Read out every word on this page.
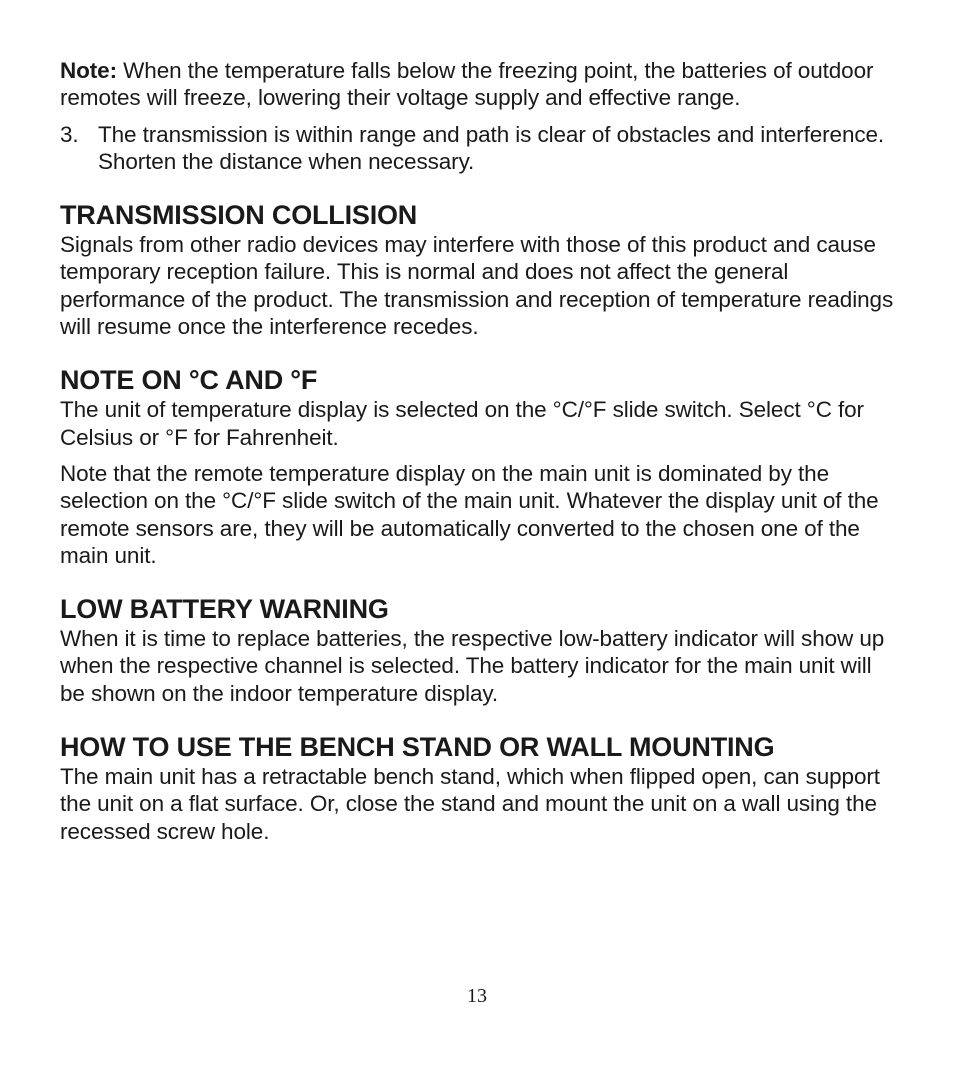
Note: When the temperature falls below the freezing point, the batteries of outdoor remotes will freeze, lowering their voltage supply and effective range.

3. The transmission is within range and path is clear of obstacles and interference. Shorten the distance when necessary.
TRANSMISSION COLLISION

Signals from other radio devices may interfere with those of this product and cause temporary reception failure. This is normal and does not affect the general performance of the product. The transmission and reception of temperature readings will resume once the interference recedes.

NOTE ON °C AND °F

The unit of temperature display is selected on the °C/°F slide switch. Select °C for Celsius or °F for Fahrenheit.

Note that the remote temperature display on the main unit is dominated by the selection on the °C/°F slide switch of the main unit. Whatever the display unit of the remote sensors are, they will be automatically converted to the chosen one of the main unit.

LOW BATTERY WARNING

When it is time to replace batteries, the respective low-battery indicator will show up when the respective channel is selected. The battery indicator for the main unit will be shown on the indoor temperature display.

HOW TO USE THE BENCH STAND OR WALL MOUNTING

The main unit has a retractable bench stand, which when flipped open, can support the unit on a flat surface. Or, close the stand and mount the unit on a wall using the recessed screw hole.

13
